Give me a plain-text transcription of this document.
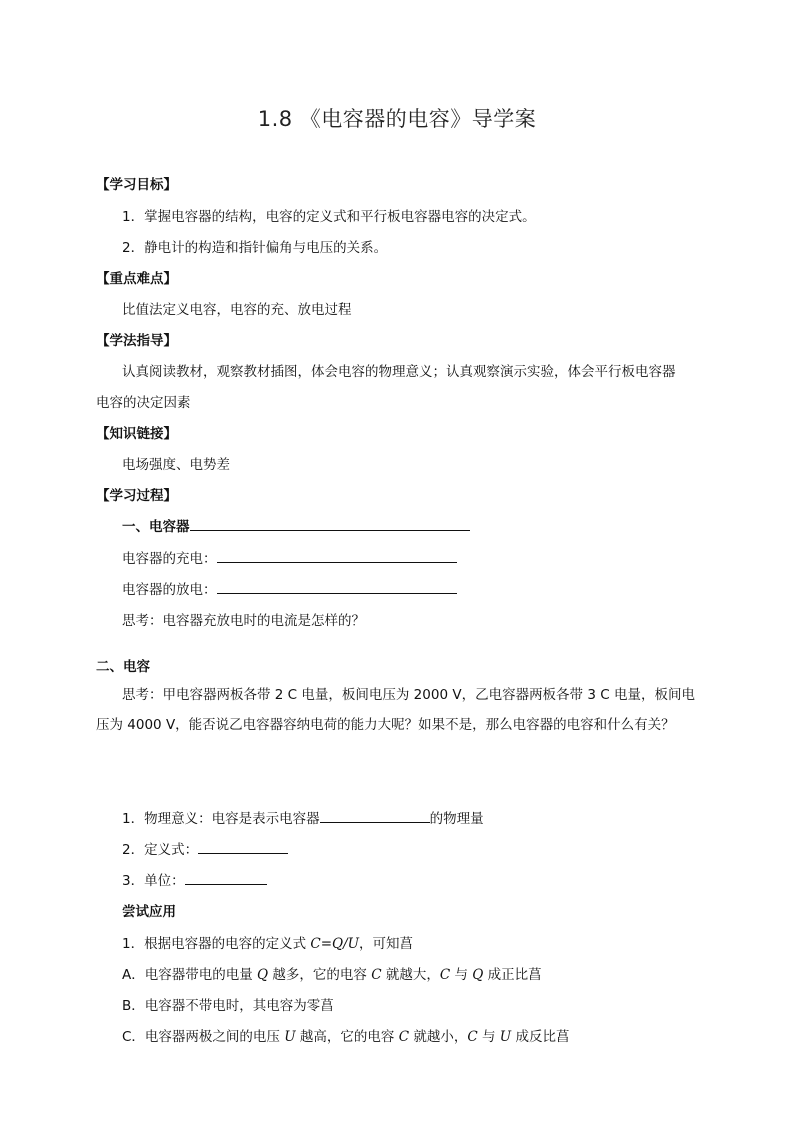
1.8 《电容器的电容》导学案
【学习目标】
1．掌握电容器的结构，电容的定义式和平行板电容器电容的决定式。
2．静电计的构造和指针偏角与电压的关系。
【重点难点】
比值法定义电容，电容的充、放电过程
【学法指导】
认真阅读教材，观察教材插图，体会电容的物理意义；认真观察演示实验，体会平行板电容器
电容的决定因素
【知识链接】
电场强度、电势差
【学习过程】
一、电容器
电容器的充电：
电容器的放电：
思考：电容器充放电时的电流是怎样的？
二、电容
思考：甲电容器两板各带 2 C 电量，板间电压为 2000 V，乙电容器两板各带 3 C 电量，板间电
压为 4000 V，能否说乙电容器容纳电荷的能力大呢？如果不是，那么电容器的电容和什么有关？
1．物理意义：电容是表示电容器	的物理量
2．定义式：
3．单位：
尝试应用
1．根据电容器的电容的定义式 C=Q/U，可知菖
A．电容器带电的电量 Q 越多，它的电容 C 就越大，C 与 Q 成正比菖
B．电容器不带电时，其电容为零菖
C．电容器两极之间的电压 U 越高，它的电容 C 就越小，C 与 U 成反比菖
